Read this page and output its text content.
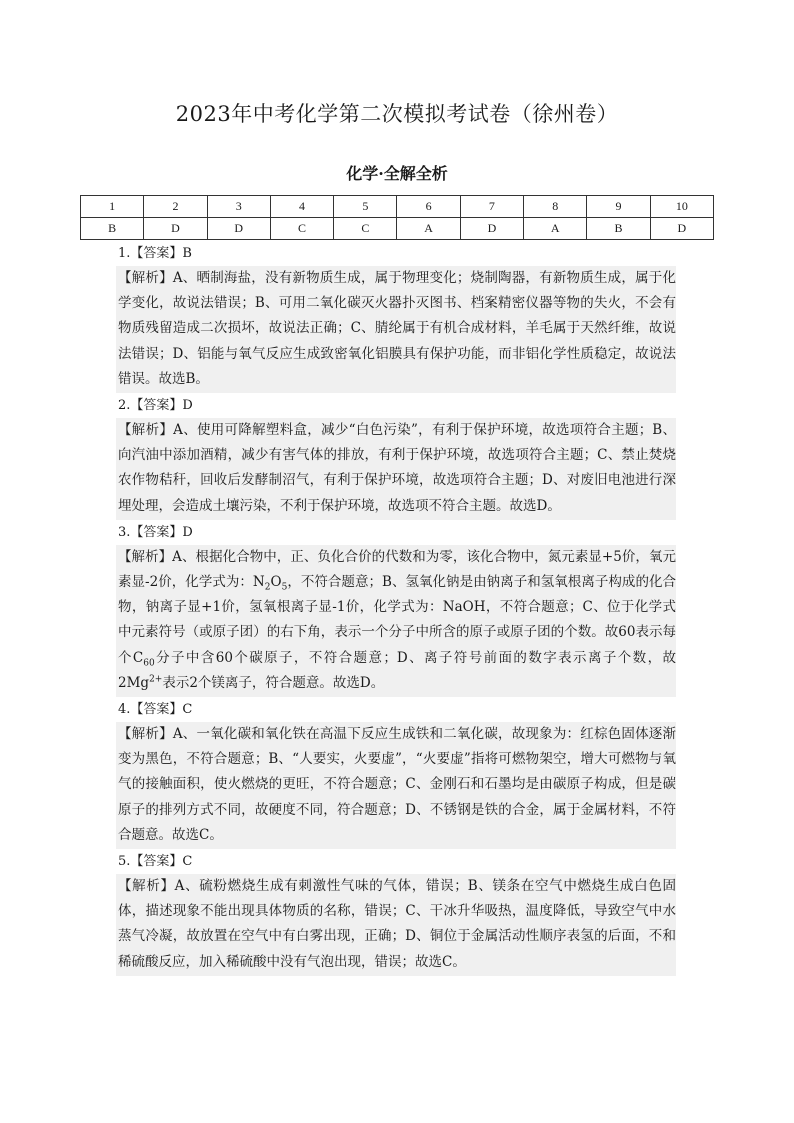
2023年中考化学第二次模拟考试卷（徐州卷）
化学·全解全析
1	2	3	4	5	6	7	8	9	10
B	D	D	C	C	A	D	A	B	D
1.【答案】B
【解析】A、晒制海盐，没有新物质生成，属于物理变化；烧制陶器，有新物质生成，属于化学变化，故说法错误；B、可用二氧化碳灭火器扑灭图书、档案精密仪器等物的失火，不会有物质残留造成二次损坏，故说法正确；C、腈纶属于有机合成材料，羊毛属于天然纤维，故说法错误；D、铝能与氧气反应生成致密氧化铝膜具有保护功能，而非铝化学性质稳定，故说法错误。故选B。
2.【答案】D
【解析】A、使用可降解塑料盒，减少“白色污染”，有利于保护环境，故选项符合主题；B、向汽油中添加酒精，减少有害气体的排放，有利于保护环境，故选项符合主题；C、禁止焚烧农作物秸秆，回收后发酵制沼气，有利于保护环境，故选项符合主题；D、对废旧电池进行深埋处理，会造成土壤污染，不利于保护环境，故选项不符合主题。故选D。
3.【答案】D
【解析】A、根据化合物中，正、负化合价的代数和为零，该化合物中，氮元素显+5价，氧元素显-2价，化学式为：$N_2O_5$，不符合题意；B、氢氧化钠是由钠离子和氢氧根离子构成的化合物，钠离子显+1价，氢氧根离子显-1价，化学式为：NaOH，不符合题意；C、位于化学式中元素符号（或原子团）的右下角，表示一个分子中所含的原子或原子团的个数。故60表示每个$C_{60}$分子中含60个碳原子，不符合题意；D、离子符号前面的数字表示离子个数，故$2Mg^{2+}$表示2个镁离子，符合题意。故选D。
4.【答案】C
【解析】A、一氧化碳和氧化铁在高温下反应生成铁和二氧化碳，故现象为：红棕色固体逐渐变为黑色，不符合题意；B、“人要实，火要虚”，“火要虚”指将可燃物架空，增大可燃物与氧气的接触面积，使火燃烧的更旺，不符合题意；C、金刚石和石墨均是由碳原子构成，但是碳原子的排列方式不同，故硬度不同，符合题意；D、不锈钢是铁的合金，属于金属材料，不符合题意。故选C。
5.【答案】C
【解析】A、硫粉燃烧生成有刺激性气味的气体，错误；B、镁条在空气中燃烧生成白色固体，描述现象不能出现具体物质的名称，错误；C、干冰升华吸热，温度降低，导致空气中水蒸气冷凝，故放置在空气中有白雾出现，正确；D、铜位于金属活动性顺序表氢的后面，不和稀硫酸反应，加入稀硫酸中没有气泡出现，错误；故选C。
